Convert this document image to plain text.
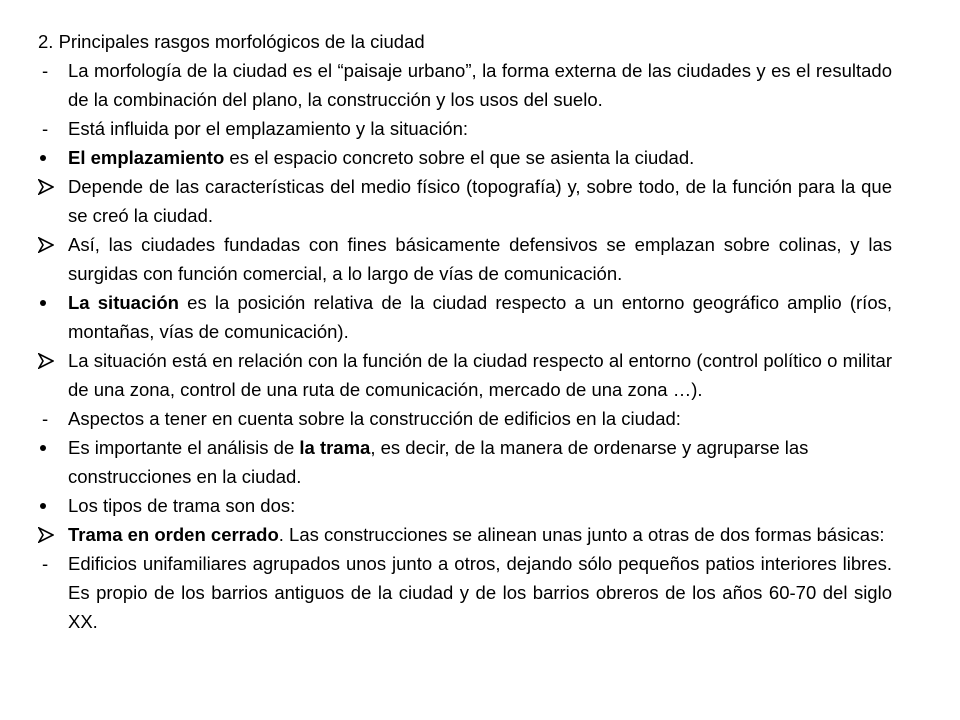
2. Principales rasgos morfológicos de la ciudad

-	La morfología de la ciudad es el “paisaje urbano”, la forma externa de las ciudades y es el resultado de la combinación del plano, la construcción y los usos del suelo.

-	Está influida por el emplazamiento y la situación:

El emplazamiento es el espacio concreto sobre el que se asienta la ciudad.

Depende de las características del medio físico (topografía) y, sobre todo, de la función para la que se creó la ciudad.

Así, las ciudades fundadas con fines básicamente defensivos se emplazan sobre colinas, y las surgidas con función comercial, a lo largo de vías de comunicación.

La situación es la posición relativa de la ciudad respecto a un entorno geográfico amplio (ríos, montañas, vías de comunicación).

La situación está en relación con la función de la ciudad respecto al entorno (control político o militar de una zona, control de una ruta de comunicación, mercado de una zona …).

-	Aspectos a tener en cuenta sobre la construcción de edificios en la ciudad:

Es importante el análisis de la trama, es decir, de la manera de ordenarse y agruparse las construcciones en la ciudad.

Los tipos de trama son dos:

Trama en orden cerrado. Las construcciones se alinean unas junto a otras de dos formas básicas:

-	Edificios unifamiliares agrupados unos junto a otros, dejando sólo pequeños patios interiores libres. Es propio de los barrios antiguos de la ciudad y de los barrios obreros de los años 60-70 del siglo XX.
